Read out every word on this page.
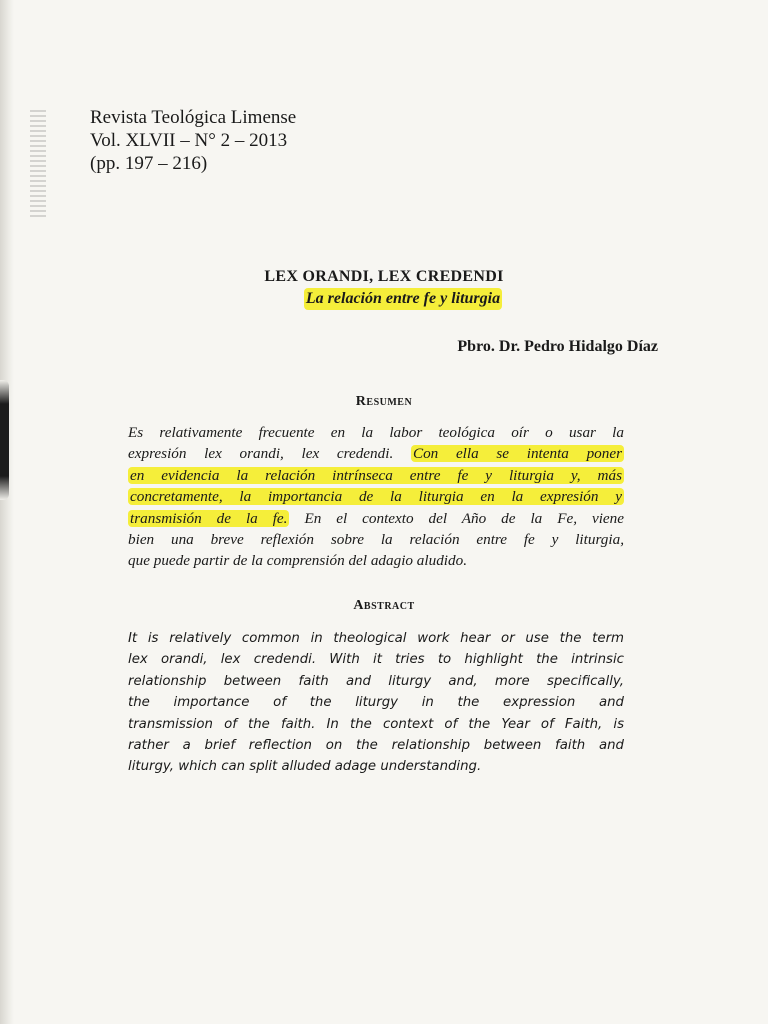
Revista Teológica Limense
Vol. XLVII – N° 2 – 2013
(pp. 197 – 216)
LEX ORANDI, LEX CREDENDI
La relación entre fe y liturgia
Pbro. Dr. Pedro Hidalgo Díaz
Resumen
Es relativamente frecuente en la labor teológica oír o usar la
expresión lex orandi, lex credendi. Con ella se intenta poner
en evidencia la relación intrínseca entre fe y liturgia y, más
concretamente, la importancia de la liturgia en la expresión y
transmisión de la fe. En el contexto del Año de la Fe, viene
bien una breve reflexión sobre la relación entre fe y liturgia,
que puede partir de la comprensión del adagio aludido.
Abstract
It is relatively common in theological work hear or use the term
lex orandi, lex credendi. With it tries to highlight the intrinsic
relationship between faith and liturgy and, more specifically,
the importance of the liturgy in the expression and
transmission of the faith. In the context of the Year of Faith, is
rather a brief reflection on the relationship between faith and
liturgy, which can split alluded adage understanding.
